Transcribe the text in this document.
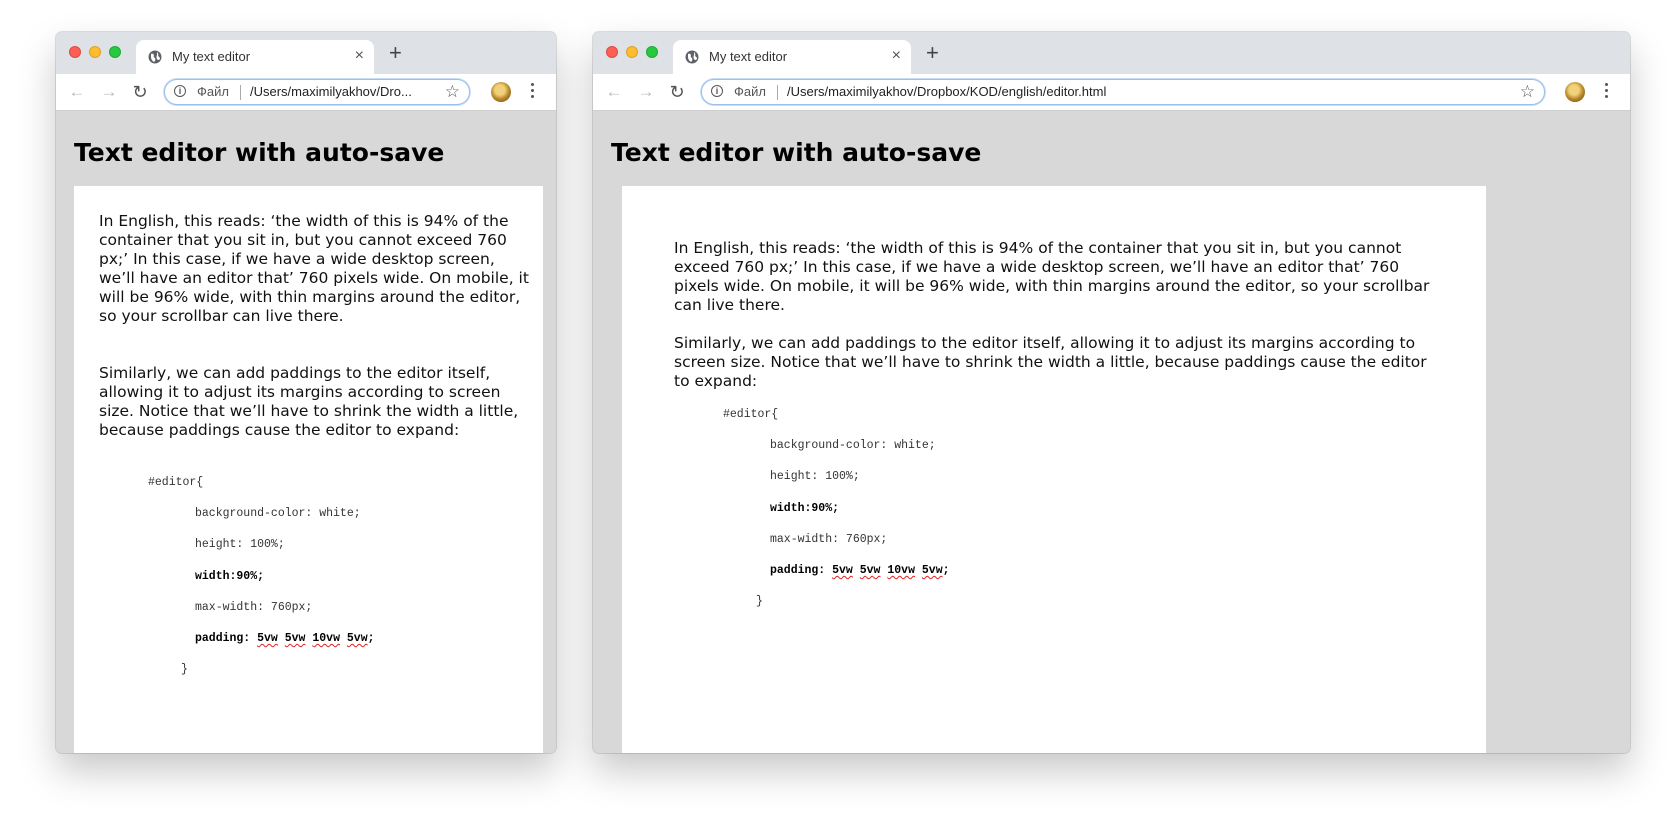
My text editor	× +
← → ↻	i	Файл /Users/maximilyakhov/Dro...	☆
Text editor with auto-save

In English, this reads: ‘the width of this is 94% of the container that you sit in, but you cannot exceed 760 px;’ In this case, if we have a wide desktop screen, we’ll have an editor that’ 760 pixels wide. On mobile, it will be 96% wide, with thin margins around the editor, so your scrollbar can live there.

Similarly, we can add paddings to the editor itself, allowing it to adjust its margins according to screen size. Notice that we’ll have to shrink the width a little, because paddings cause the editor to expand:

#editor{

background-color: white;

height: 100%;

width:90%;

max-width: 760px;

padding: 5vw 5vw 10vw 5vw;

}

My text editor	× +
← → ↻	i	Файл /Users/maximilyakhov/Dropbox/KOD/english/editor.html	☆
Text editor with auto-save

In English, this reads: ‘the width of this is 94% of the container that you sit in, but you cannot exceed 760 px;’ In this case, if we have a wide desktop screen, we’ll have an editor that’ 760 pixels wide. On mobile, it will be 96% wide, with thin margins around the editor, so your scrollbar can live there.

Similarly, we can add paddings to the editor itself, allowing it to adjust its margins according to screen size. Notice that we’ll have to shrink the width a little, because paddings cause the editor to expand:

#editor{

background-color: white;

height: 100%;

width:90%;

max-width: 760px;

padding: 5vw 5vw 10vw 5vw;

}
